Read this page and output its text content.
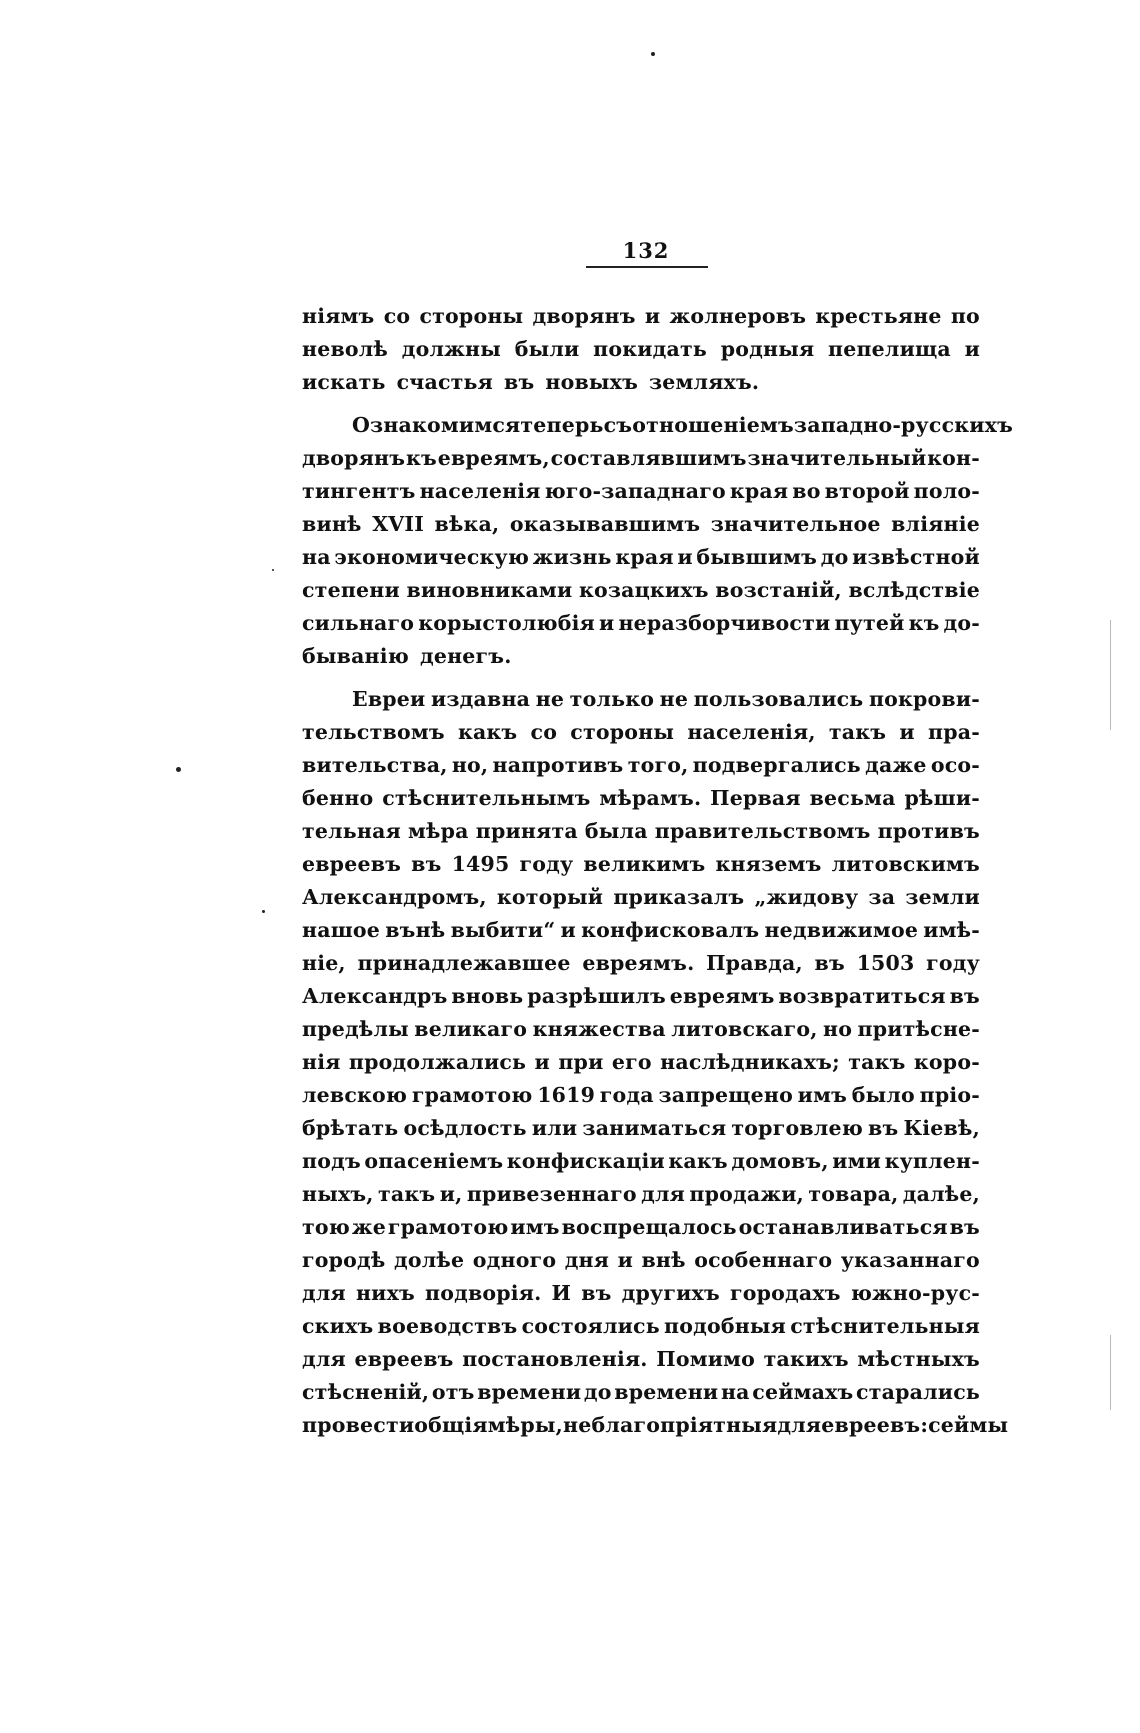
132
ніямъ со стороны дворянъ и жолнеровъ крестьяне по
неволѣ должны были покидать родныя пепелища и
искать счастья въ новыхъ земляхъ.
Ознакомимся теперь съ отношеніемъ западно-русскихъ
дворянъ къ евреямъ, составлявшимъ значительный кон-
тингентъ населенія юго-западнаго края во второй поло-
винѣ XVII вѣка, оказывавшимъ значительное вліяніе
на экономическую жизнь края и бывшимъ до извѣстной
степени виновниками козацкихъ возстаній, вслѣдствіе
сильнаго корыстолюбія и неразборчивости путей къ до-
быванію денегъ.
Евреи издавна не только не пользовались покрови-
тельствомъ какъ со стороны населенія, такъ и пра-
вительства, но, напротивъ того, подвергались даже осо-
бенно стѣснительнымъ мѣрамъ. Первая весьма рѣши-
тельная мѣра принята была правительствомъ противъ
евреевъ въ 1495 году великимъ княземъ литовскимъ
Александромъ, который приказалъ „жидову за земли
нашое вънѣ выбити“ и конфисковалъ недвижимое имѣ-
ніе, принадлежавшее евреямъ. Правда, въ 1503 году
Александръ вновь разрѣшилъ евреямъ возвратиться въ
предѣлы великаго княжества литовскаго, но притѣсне-
нія продолжались и при его наслѣдникахъ; такъ коро-
левскою грамотою 1619 года запрещено имъ было пріо-
брѣтать осѣдлость или заниматься торговлею въ Кіевѣ,
подъ опасеніемъ конфискаціи какъ домовъ, ими куплен-
ныхъ, такъ и, привезеннаго для продажи, товара, далѣе,
тою же грамотою имъ воспрещалось останавливаться въ
городѣ долѣе одного дня и внѣ особеннаго указаннаго
для нихъ подворія. И въ другихъ городахъ южно-рус-
скихъ воеводствъ состоялись подобныя стѣснительныя
для евреевъ постановленія. Помимо такихъ мѣстныхъ
стѣсненій, отъ времени до времени на сеймахъ старались
провести общія мѣры, неблагопріятныя для евреевъ: сеймы
